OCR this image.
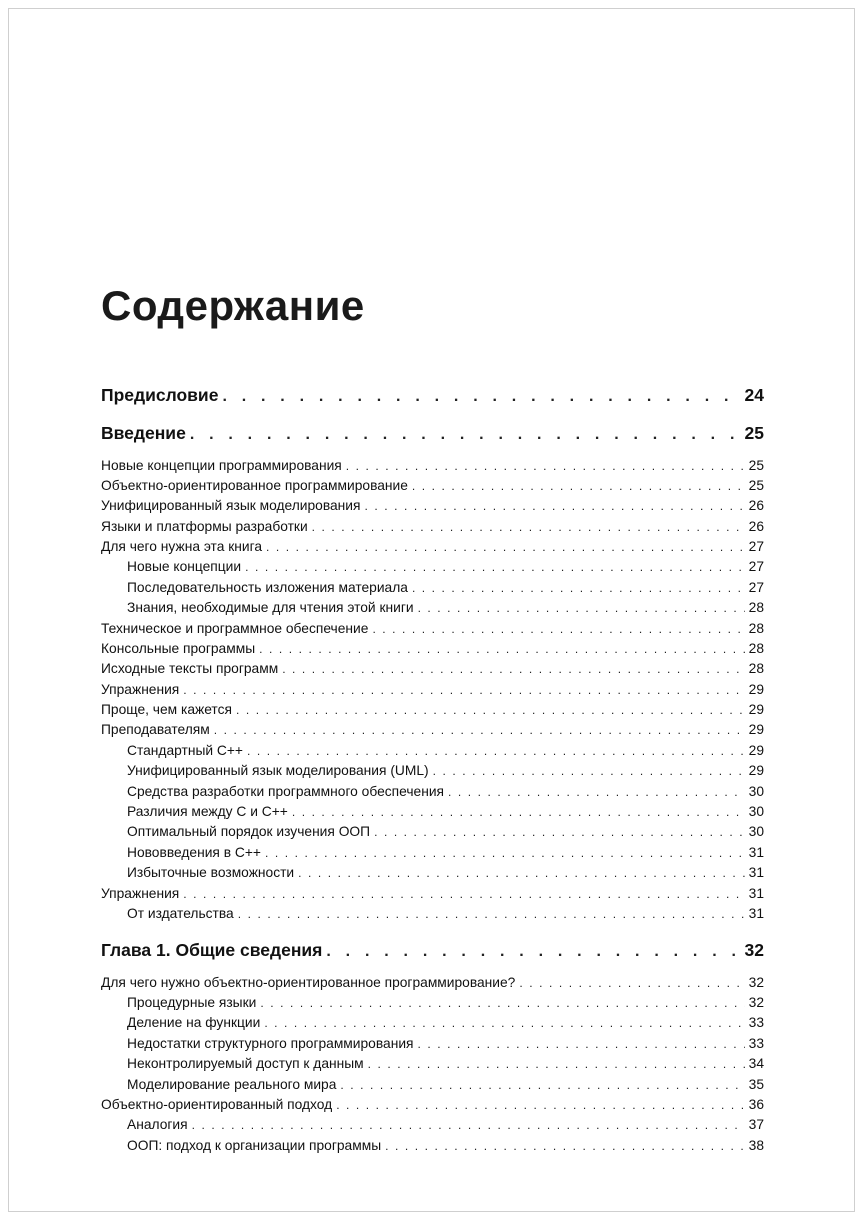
Содержание
Предисловие . . .	24
Введение . . .	25
Новые концепции программирования . . .	25
Объектно-ориентированное программирование . . .	25
Унифицированный язык моделирования . . .	26
Языки и платформы разработки . . .	26
Для чего нужна эта книга . . .	27
Новые концепции . . .	27
Последовательность изложения материала . . .	27
Знания, необходимые для чтения этой книги . . .	28
Техническое и программное обеспечение . . .	28
Консольные программы . . .	28
Исходные тексты программ . . .	28
Упражнения . . .	29
Проще, чем кажется . . .	29
Преподавателям . . .	29
Стандартный С++ . . .	29
Унифицированный язык моделирования (UML) . . .	29
Средства разработки программного обеспечения . . .	30
Различия между С и С++ . . .	30
Оптимальный порядок изучения ООП . . .	30
Нововведения в С++ . . .	31
Избыточные возможности . . .	31
Упражнения . . .	31
От издательства . . .	31
Глава 1. Общие сведения . . .	32
Для чего нужно объектно-ориентированное программирование? . . .	32
Процедурные языки . . .	32
Деление на функции . . .	33
Недостатки структурного программирования . . .	33
Неконтролируемый доступ к данным . . .	34
Моделирование реального мира . . .	35
Объектно-ориентированный подход . . .	36
Аналогия . . .	37
ООП: подход к организации программы . . .	38
